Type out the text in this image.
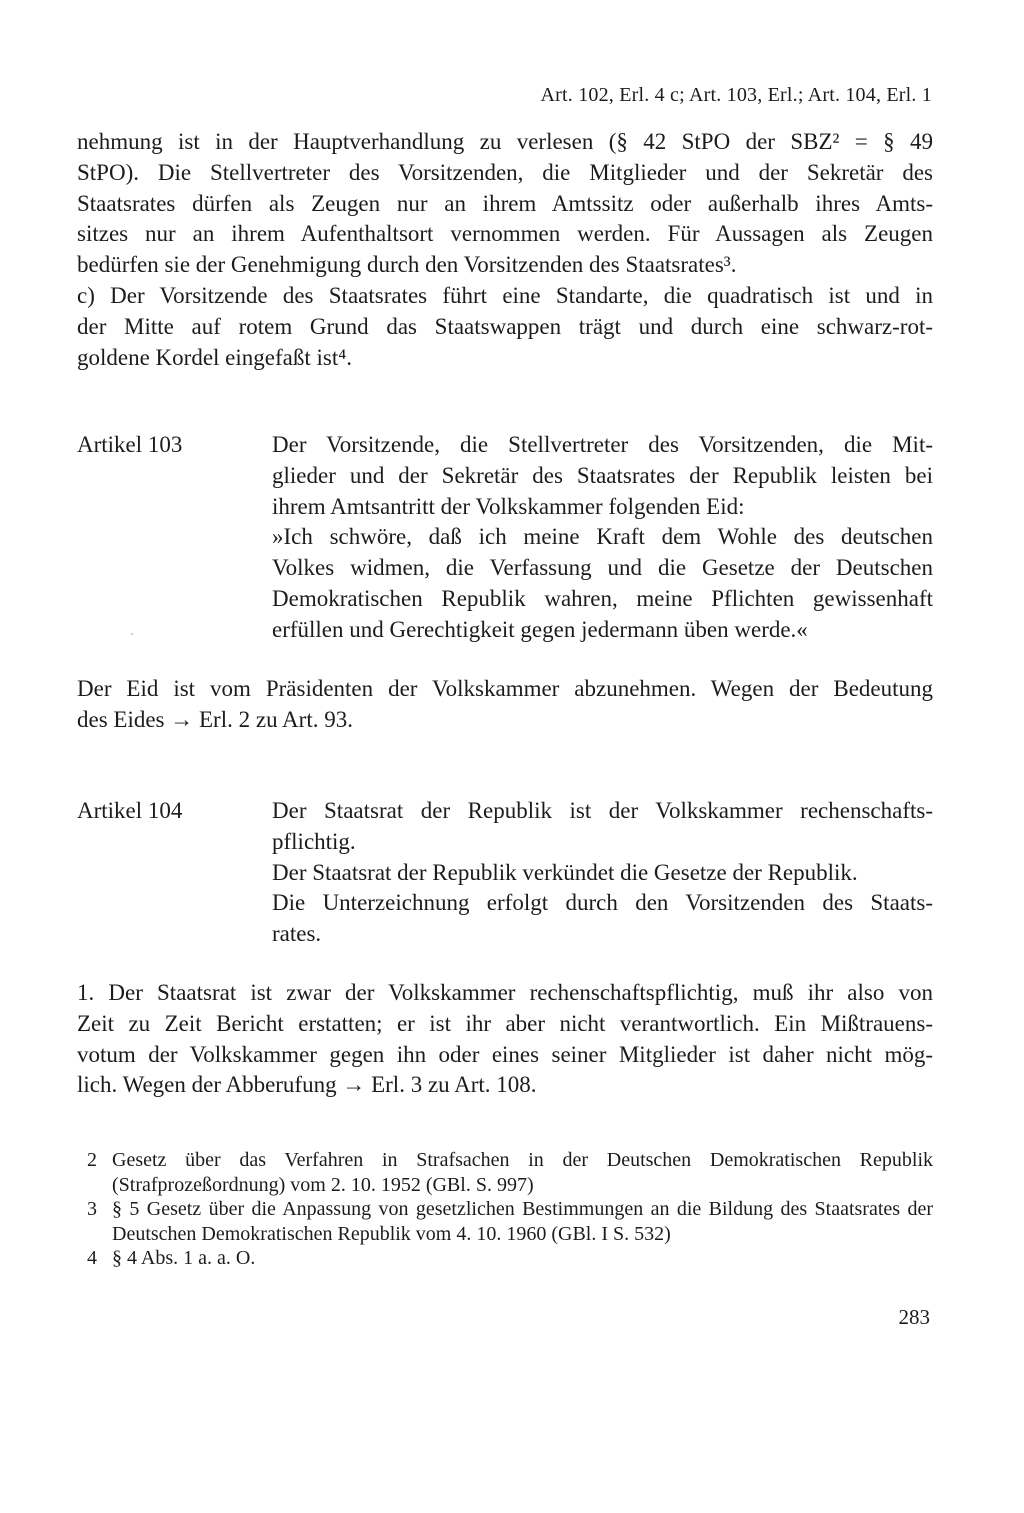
Art. 102, Erl. 4 c; Art. 103, Erl.; Art. 104, Erl. 1
nehmung ist in der Hauptverhandlung zu verlesen (§ 42 StPO der SBZ² = § 49
StPO). Die Stellvertreter des Vorsitzenden, die Mitglieder und der Sekretär des
Staatsrates dürfen als Zeugen nur an ihrem Amtssitz oder außerhalb ihres Amts-
sitzes nur an ihrem Aufenthaltsort vernommen werden. Für Aussagen als Zeugen
bedürfen sie der Genehmigung durch den Vorsitzenden des Staatsrates³.
c) Der Vorsitzende des Staatsrates führt eine Standarte, die quadratisch ist und in
der Mitte auf rotem Grund das Staatswappen trägt und durch eine schwarz-rot-
goldene Kordel eingefaßt ist⁴.
Artikel 103	Der Vorsitzende, die Stellvertreter des Vorsitzenden, die Mit-
glieder und der Sekretär des Staatsrates der Republik leisten bei
ihrem Amtsantritt der Volkskammer folgenden Eid:
»Ich schwöre, daß ich meine Kraft dem Wohle des deutschen
Volkes widmen, die Verfassung und die Gesetze der Deutschen
Demokratischen Republik wahren, meine Pflichten gewissenhaft
erfüllen und Gerechtigkeit gegen jedermann üben werde.«
Der Eid ist vom Präsidenten der Volkskammer abzunehmen. Wegen der Bedeutung
des Eides → Erl. 2 zu Art. 93.
Artikel 104	Der Staatsrat der Republik ist der Volkskammer rechenschafts-
pflichtig.
Der Staatsrat der Republik verkündet die Gesetze der Republik.
Die Unterzeichnung erfolgt durch den Vorsitzenden des Staats-
rates.
1. Der Staatsrat ist zwar der Volkskammer rechenschaftspflichtig, muß ihr also von
Zeit zu Zeit Bericht erstatten; er ist ihr aber nicht verantwortlich. Ein Mißtrauens-
votum der Volkskammer gegen ihn oder eines seiner Mitglieder ist daher nicht mög-
lich. Wegen der Abberufung → Erl. 3 zu Art. 108.
2 Gesetz über das Verfahren in Strafsachen in der Deutschen Demokratischen Republik (Strafprozeßordnung) vom 2. 10. 1952 (GBl. S. 997)
3 § 5 Gesetz über die Anpassung von gesetzlichen Bestimmungen an die Bildung des Staatsrates der Deutschen Demokratischen Republik vom 4. 10. 1960 (GBl. I S. 532)
4 § 4 Abs. 1 a. a. O.
283
